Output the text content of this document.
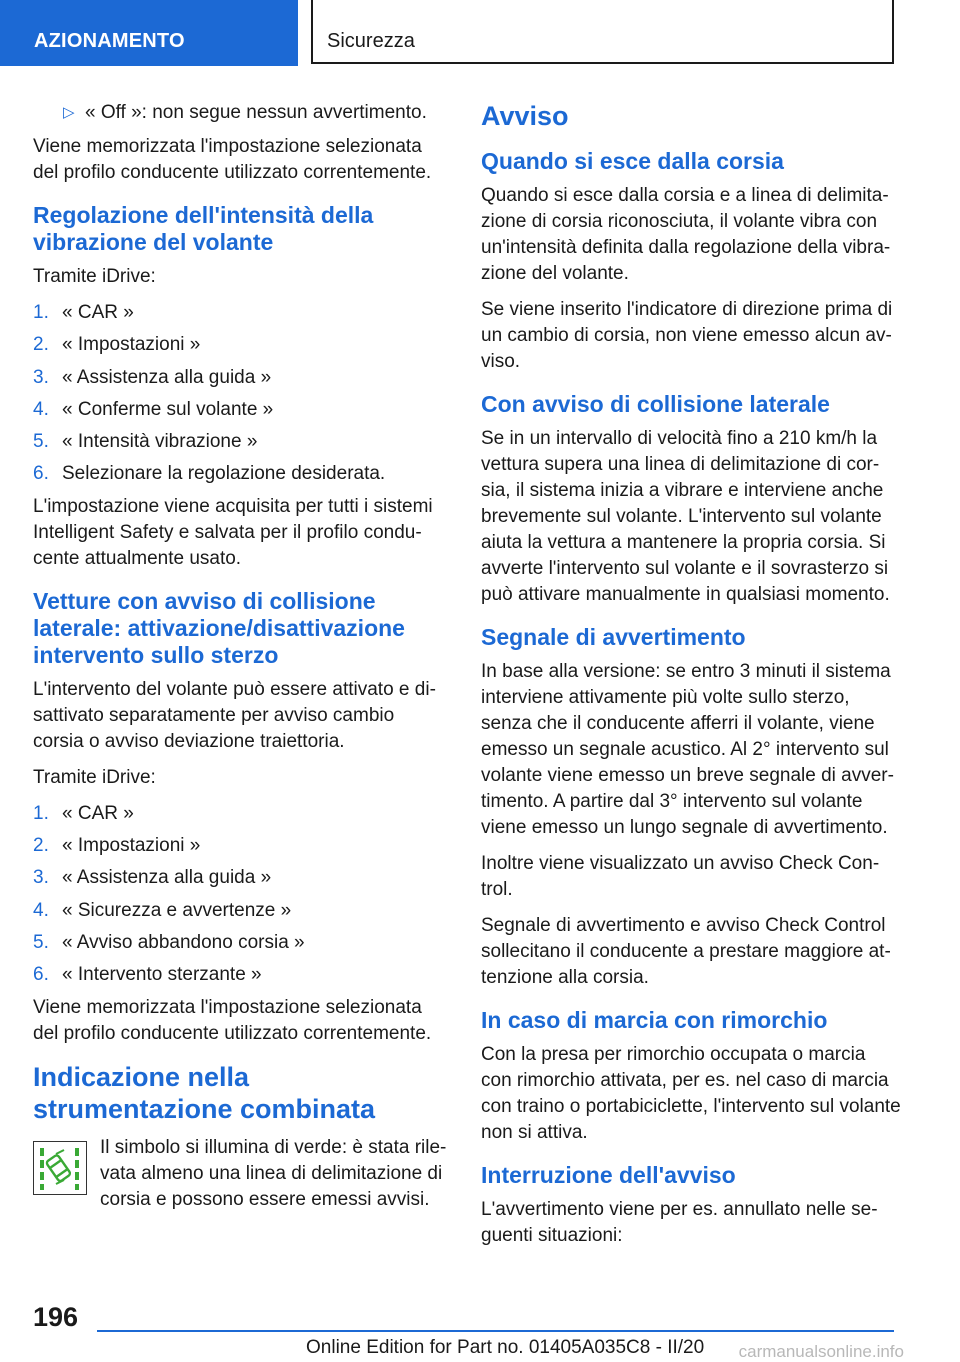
AZIONAMENTO	Sicurezza
▷ « Off »: non segue nessun avvertimento.

Viene memorizzata l'impostazione selezionata del profilo conducente utilizzato correntemente.

Regolazione dell'intensità della vibrazione del volante

Tramite iDrive:

1. « CAR »
2. « Impostazioni »
3. « Assistenza alla guida »
4. « Conferme sul volante »
5. « Intensità vibrazione »
6. Selezionare la regolazione desiderata.

L'impostazione viene acquisita per tutti i sistemi Intelligent Safety e salvata per il profilo conducente attualmente usato.

Vetture con avviso di collisione laterale: attivazione/disattivazione intervento sullo sterzo

L'intervento del volante può essere attivato e disattivato separatamente per avviso cambio corsia o avviso deviazione traiettoria.

Tramite iDrive:

1. « CAR »
2. « Impostazioni »
3. « Assistenza alla guida »
4. « Sicurezza e avvertenze »
5. « Avviso abbandono corsia »
6. « Intervento sterzante »

Viene memorizzata l'impostazione selezionata del profilo conducente utilizzato correntemente.

Indicazione nella strumentazione combinata

Il simbolo si illumina di verde: è stata rilevata almeno una linea di delimitazione di corsia e possono essere emessi avvisi.

Avviso
Quando si esce dalla corsia

Quando si esce dalla corsia e a linea di delimitazione di corsia riconosciuta, il volante vibra con un'intensità definita dalla regolazione della vibrazione del volante.

Se viene inserito l'indicatore di direzione prima di un cambio di corsia, non viene emesso alcun avviso.

Con avviso di collisione laterale

Se in un intervallo di velocità fino a 210 km/h la vettura supera una linea di delimitazione di corsia, il sistema inizia a vibrare e interviene anche brevemente sul volante. L'intervento sul volante aiuta la vettura a mantenere la propria corsia. Si avverte l'intervento sul volante e il sovrasterzo si può attivare manualmente in qualsiasi momento.

Segnale di avvertimento

In base alla versione: se entro 3 minuti il sistema interviene attivamente più volte sullo sterzo, senza che il conducente afferri il volante, viene emesso un segnale acustico. Al 2° intervento sul volante viene emesso un breve segnale di avvertimento. A partire dal 3° intervento sul volante viene emesso un lungo segnale di avvertimento.

Inoltre viene visualizzato un avviso Check Control.

Segnale di avvertimento e avviso Check Control sollecitano il conducente a prestare maggiore attenzione alla corsia.

In caso di marcia con rimorchio

Con la presa per rimorchio occupata o marcia con rimorchio attivata, per es. nel caso di marcia con traino o portabiciclette, l'intervento sul volante non si attiva.

Interruzione dell'avviso

L'avvertimento viene per es. annullato nelle seguenti situazioni:

196
Online Edition for Part no. 01405A035C8 - II/20 carmanualsonline.info
